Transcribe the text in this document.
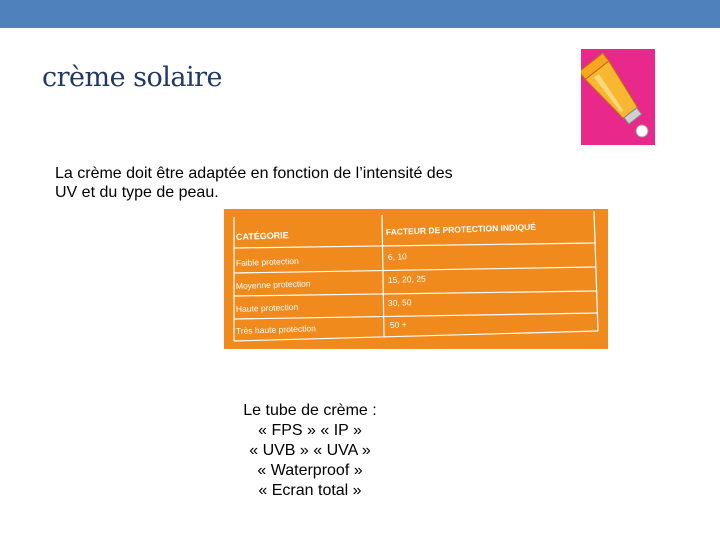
crème solaire
La crème doit être adaptée en fonction de l’intensité des
UV et du type de peau.
CATÉGORIE	FACTEUR DE PROTECTION INDIQUÉ
Faible protection	6, 10
Moyenne protection	15, 20, 25
Haute protection	30, 50
Très haute protection	50 +
Le tube de crème :
« FPS » « IP »
« UVB » « UVA »
« Waterproof »
« Ecran total »
